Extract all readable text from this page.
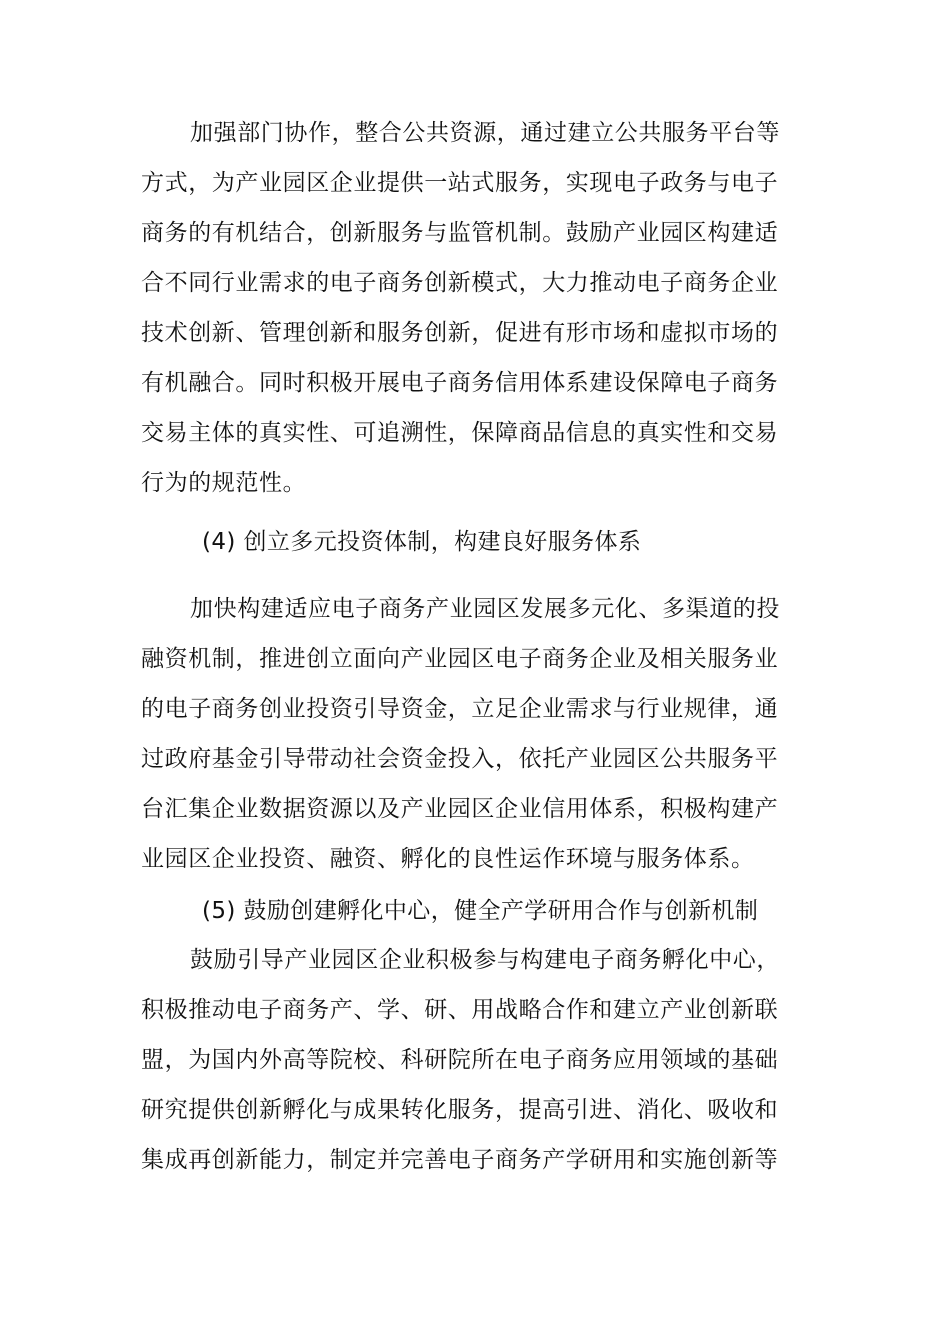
加强部门协作，整合公共资源，通过建立公共服务平台等
方式，为产业园区企业提供一站式服务，实现电子政务与电子
商务的有机结合，创新服务与监管机制。鼓励产业园区构建适
合不同行业需求的电子商务创新模式，大力推动电子商务企业
技术创新、管理创新和服务创新，促进有形市场和虚拟市场的
有机融合。同时积极开展电子商务信用体系建设保障电子商务
交易主体的真实性、可追溯性，保障商品信息的真实性和交易
行为的规范性。
(4) 创立多元投资体制，构建良好服务体系
加快构建适应电子商务产业园区发展多元化、多渠道的投
融资机制，推进创立面向产业园区电子商务企业及相关服务业
的电子商务创业投资引导资金，立足企业需求与行业规律，通
过政府基金引导带动社会资金投入，依托产业园区公共服务平
台汇集企业数据资源以及产业园区企业信用体系，积极构建产
业园区企业投资、融资、孵化的良性运作环境与服务体系。
(5) 鼓励创建孵化中心，健全产学研用合作与创新机制
鼓励引导产业园区企业积极参与构建电子商务孵化中心，
积极推动电子商务产、学、研、用战略合作和建立产业创新联
盟，为国内外高等院校、科研院所在电子商务应用领域的基础
研究提供创新孵化与成果转化服务，提高引进、消化、吸收和
集成再创新能力，制定并完善电子商务产学研用和实施创新等
